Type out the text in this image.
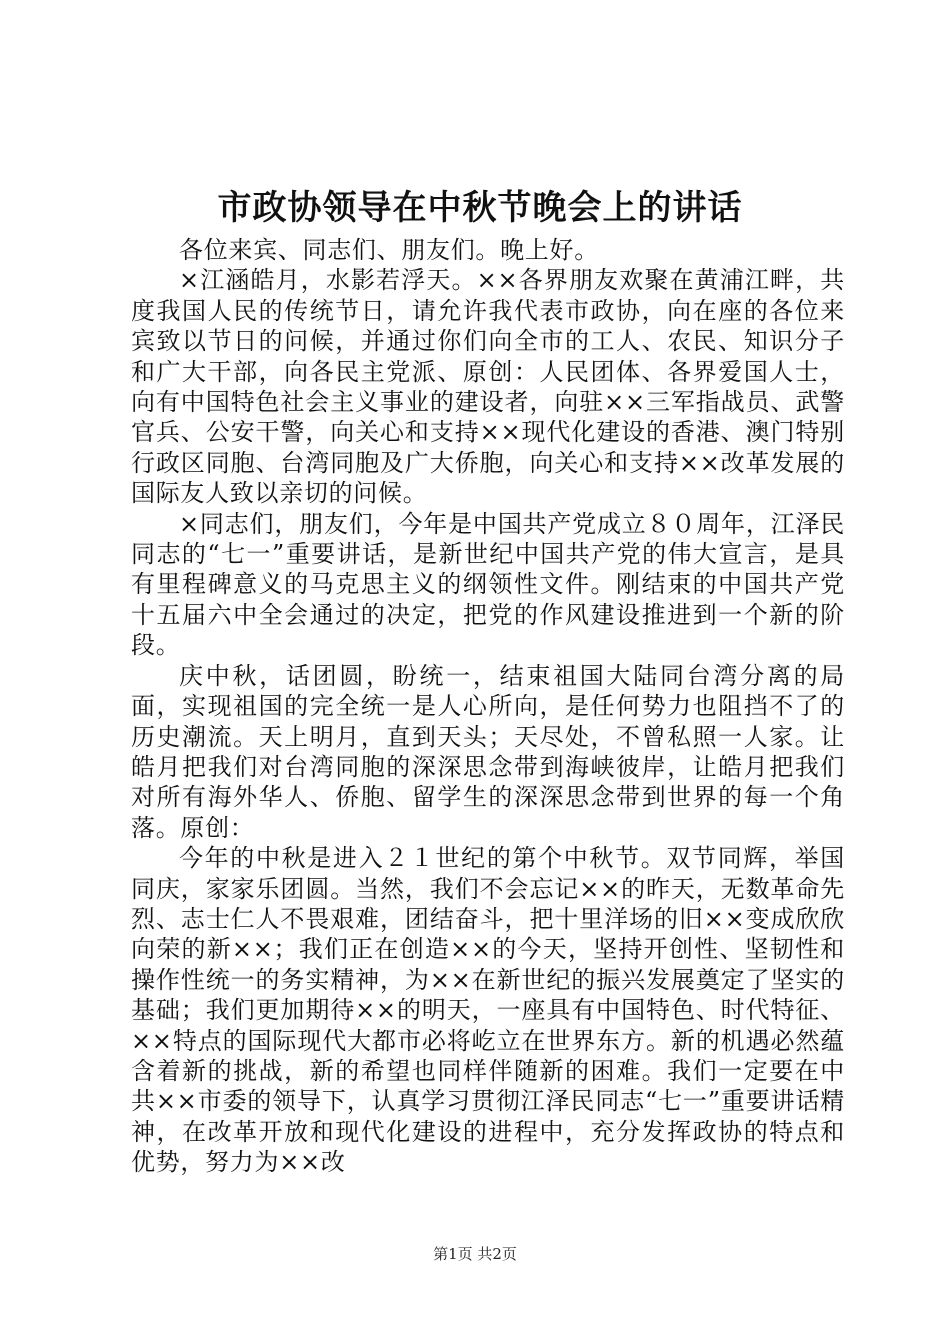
市政协领导在中秋节晚会上的讲话

各位来宾、同志们、朋友们。晚上好。

×江涵皓月，水影若浮天。××各界朋友欢聚在黄浦江畔，共度我国人民的传统节日，请允许我代表市政协，向在座的各位来宾致以节日的问候，并通过你们向全市的工人、农民、知识分子和广大干部，向各民主党派、原创：人民团体、各界爱国人士，向有中国特色社会主义事业的建设者，向驻××三军指战员、武警官兵、公安干警，向关心和支持××现代化建设的香港、澳门特别行政区同胞、台湾同胞及广大侨胞，向关心和支持××改革发展的国际友人致以亲切的问候。

×同志们，朋友们，今年是中国共产党成立８０周年，江泽民同志的“七一”重要讲话，是新世纪中国共产党的伟大宣言，是具有里程碑意义的马克思主义的纲领性文件。刚结束的中国共产党十五届六中全会通过的决定，把党的作风建设推进到一个新的阶段。

庆中秋，话团圆，盼统一，结束祖国大陆同台湾分离的局面，实现祖国的完全统一是人心所向，是任何势力也阻挡不了的历史潮流。天上明月，直到天头；天尽处，不曾私照一人家。让皓月把我们对台湾同胞的深深思念带到海峡彼岸，让皓月把我们对所有海外华人、侨胞、留学生的深深思念带到世界的每一个角落。原创：

今年的中秋是进入２１世纪的第个中秋节。双节同辉，举国同庆，家家乐团圆。当然，我们不会忘记××的昨天，无数革命先烈、志士仁人不畏艰难，团结奋斗，把十里洋场的旧××变成欣欣向荣的新××；我们正在创造××的今天，坚持开创性、坚韧性和操作性统一的务实精神，为××在新世纪的振兴发展奠定了坚实的基础；我们更加期待××的明天，一座具有中国特色、时代特征、××特点的国际现代大都市必将屹立在世界东方。新的机遇必然蕴含着新的挑战，新的希望也同样伴随新的困难。我们一定要在中共××市委的领导下，认真学习贯彻江泽民同志“七一”重要讲话精神，在改革开放和现代化建设的进程中，充分发挥政协的特点和优势，努力为××改

第1页 共2页
